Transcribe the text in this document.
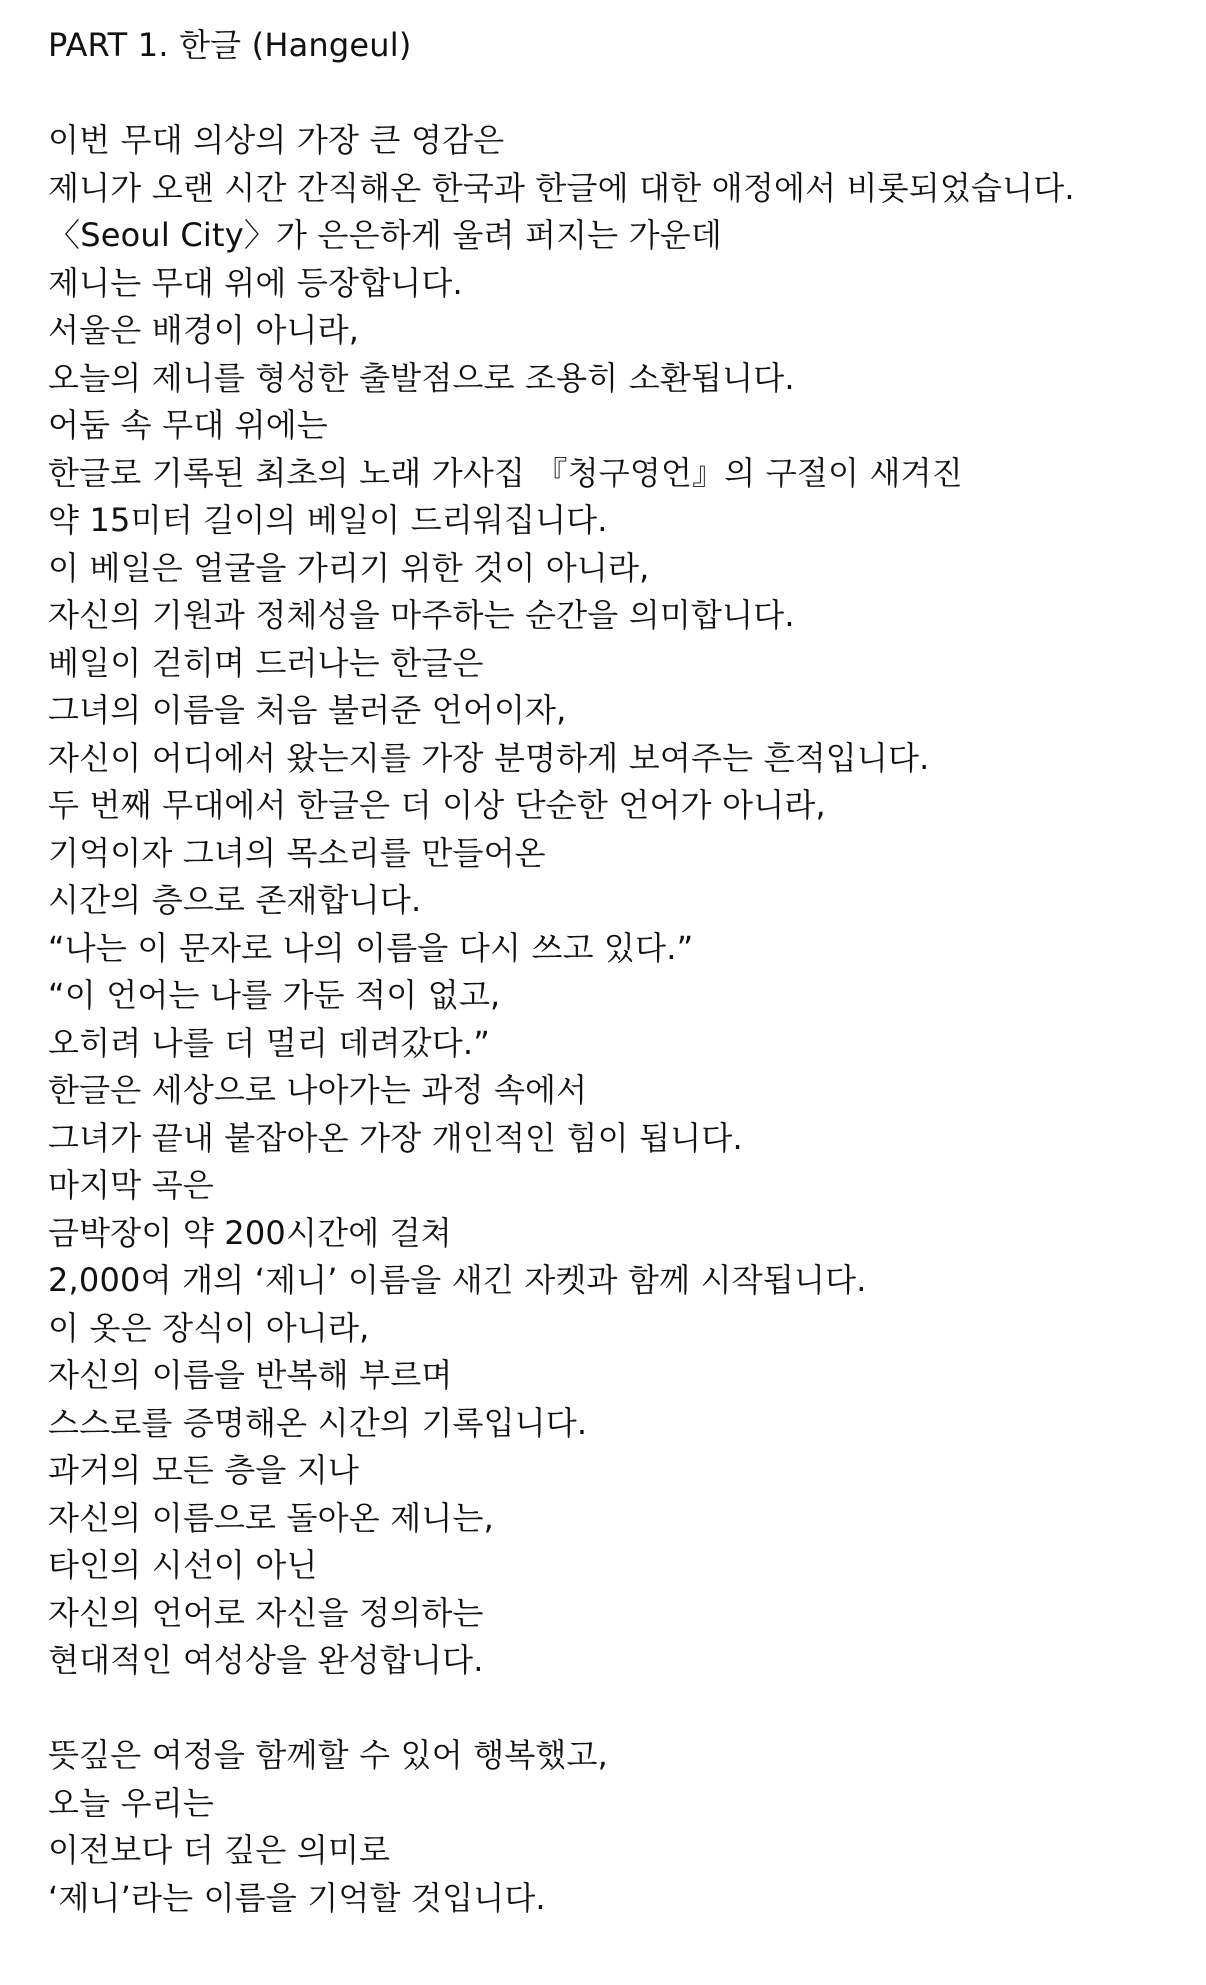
PART 1. 한글 (Hangeul)
이번 무대 의상의 가장 큰 영감은
제니가 오랜 시간 간직해온 한국과 한글에 대한 애정에서 비롯되었습니다.
〈Seoul City〉가 은은하게 울려 퍼지는 가운데
제니는 무대 위에 등장합니다.
서울은 배경이 아니라,
오늘의 제니를 형성한 출발점으로 조용히 소환됩니다.
어둠 속 무대 위에는
한글로 기록된 최초의 노래 가사집 『청구영언』의 구절이 새겨진
약 15미터 길이의 베일이 드리워집니다.
이 베일은 얼굴을 가리기 위한 것이 아니라,
자신의 기원과 정체성을 마주하는 순간을 의미합니다.
베일이 걷히며 드러나는 한글은
그녀의 이름을 처음 불러준 언어이자,
자신이 어디에서 왔는지를 가장 분명하게 보여주는 흔적입니다.
두 번째 무대에서 한글은 더 이상 단순한 언어가 아니라,
기억이자 그녀의 목소리를 만들어온
시간의 층으로 존재합니다.
“나는 이 문자로 나의 이름을 다시 쓰고 있다.”
“이 언어는 나를 가둔 적이 없고,
오히려 나를 더 멀리 데려갔다.”
한글은 세상으로 나아가는 과정 속에서
그녀가 끝내 붙잡아온 가장 개인적인 힘이 됩니다.
마지막 곡은
금박장이 약 200시간에 걸쳐
2,000여 개의 ‘제니’ 이름을 새긴 자켓과 함께 시작됩니다.
이 옷은 장식이 아니라,
자신의 이름을 반복해 부르며
스스로를 증명해온 시간의 기록입니다.
과거의 모든 층을 지나
자신의 이름으로 돌아온 제니는,
타인의 시선이 아닌
자신의 언어로 자신을 정의하는
현대적인 여성상을 완성합니다.
뜻깊은 여정을 함께할 수 있어 행복했고,
오늘 우리는
이전보다 더 깊은 의미로
‘제니’라는 이름을 기억할 것입니다.
